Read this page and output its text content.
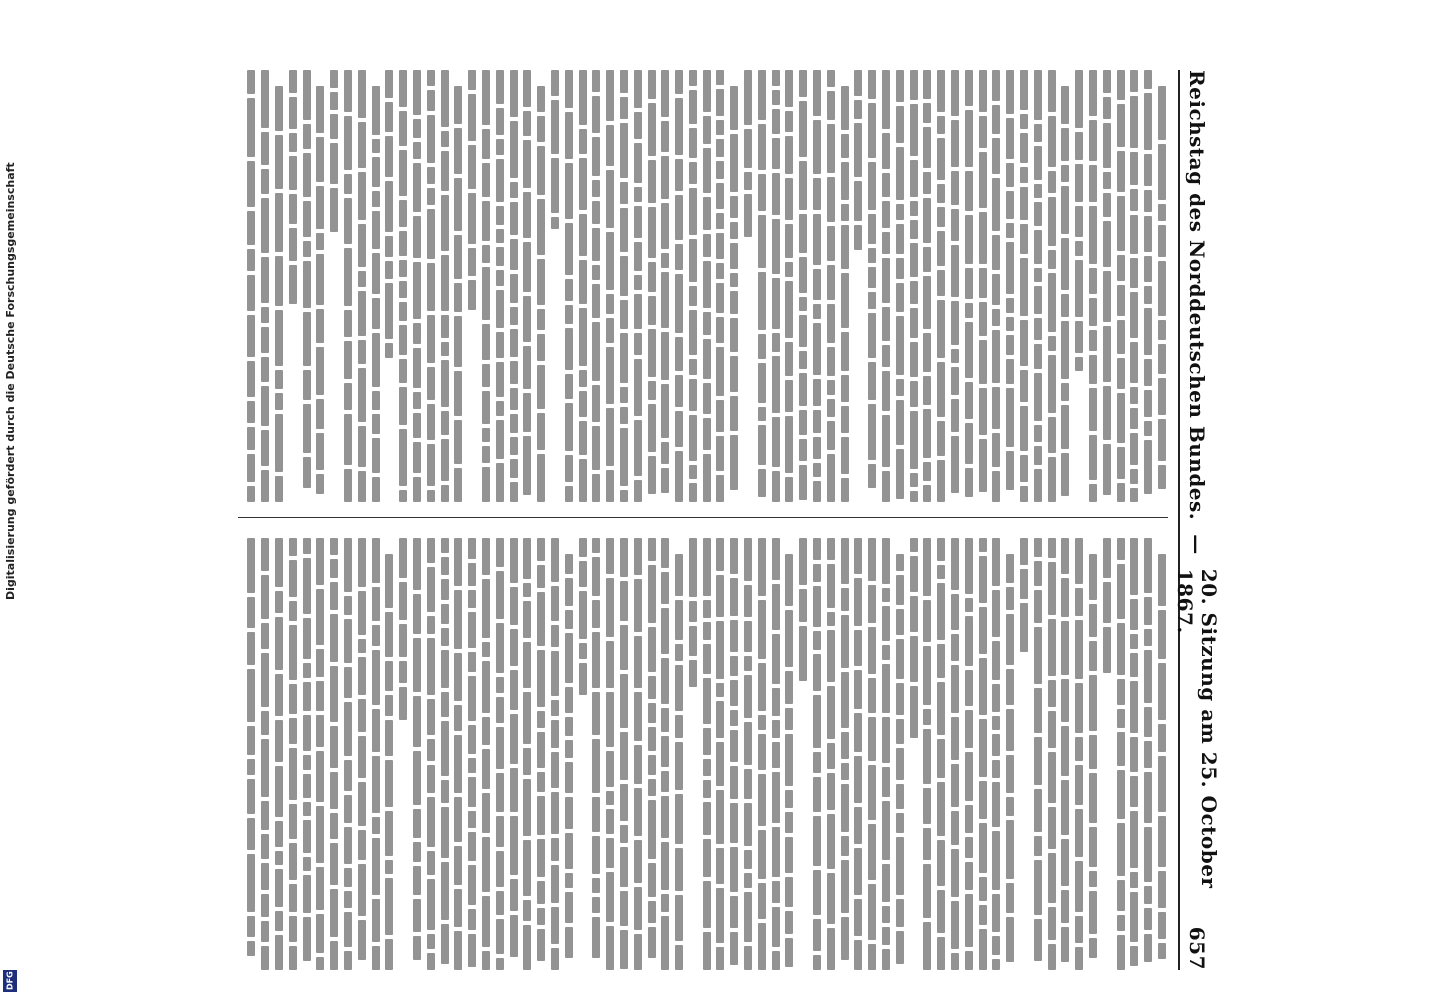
Reichstag des Norddeutschen Bundes.
—
20. Sitzung am 25. October 1867.
657
Digitalisierung gefördert durch die Deutsche Forschungsgemeinschaft
DFG
